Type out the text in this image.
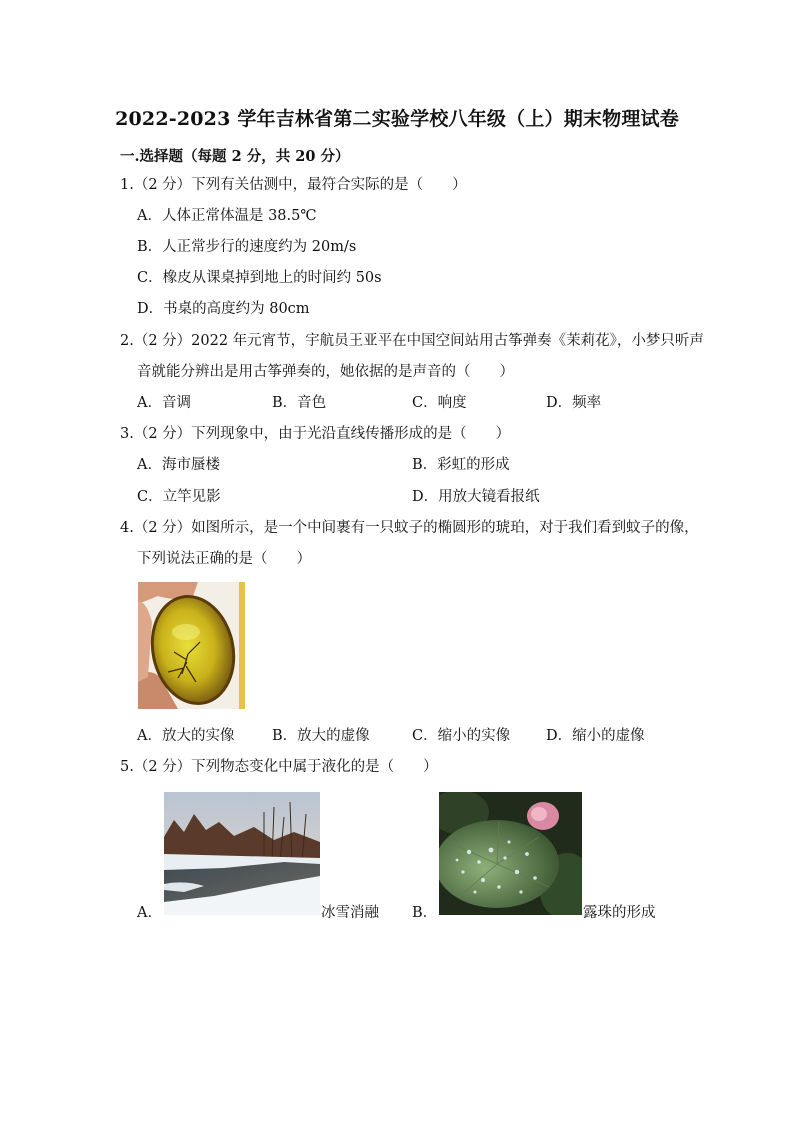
2022-2023 学年吉林省第二实验学校八年级（上）期末物理试卷
一.选择题（每题 2 分，共 20 分）
1.（2 分）下列有关估测中，最符合实际的是（　　）
A．人体正常体温是 38.5℃
B．人正常步行的速度约为 20m/s
C．橡皮从课桌掉到地上的时间约 50s
D．书桌的高度约为 80cm
2.（2 分）2022 年元宵节，宇航员王亚平在中国空间站用古筝弹奏《茉莉花》，小梦只听声
音就能分辨出是用古筝弹奏的，她依据的是声音的（　　）
A．音调	B．音色	C．响度	D．频率
3.（2 分）下列现象中，由于光沿直线传播形成的是（　　）
A．海市蜃楼	B．彩虹的形成
C．立竿见影	D．用放大镜看报纸
4.（2 分）如图所示，是一个中间裹有一只蚊子的椭圆形的琥珀，对于我们看到蚊子的像，
下列说法正确的是（　　）
A．放大的实像	B．放大的虚像	C．缩小的实像 D．缩小的虚像
5.（2 分）下列物态变化中属于液化的是（　　）
A．	冰雪消融 B．	露珠的形成
